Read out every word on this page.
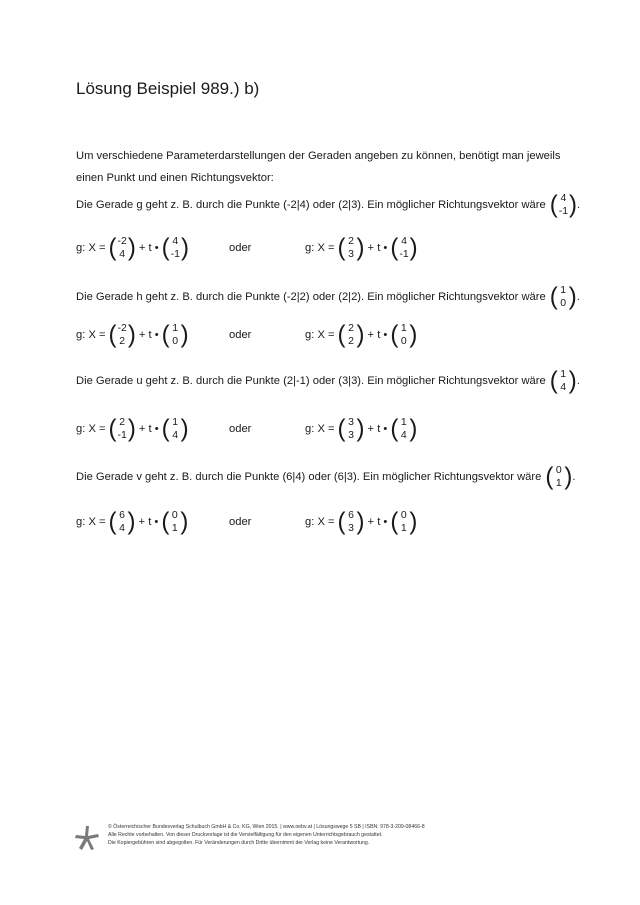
Lösung Beispiel 989.) b)
Um verschiedene Parameterdarstellungen der Geraden angeben zu können, benötigt man jeweils
einen Punkt und einen Richtungsvektor:
Die Gerade g geht z. B. durch die Punkte (-2|4) oder (2|3). Ein möglicher Richtungsvektor wäre ( 4
-1 ) .
g: X = ( -2
4 ) + t • ( 4
-1 )	oder	g: X = ( 2
3 ) + t • ( 4
-1 )
Die Gerade h geht z. B. durch die Punkte (-2|2) oder (2|2). Ein möglicher Richtungsvektor wäre ( 1
0 ) .
g: X = ( -2
2 ) + t • ( 1
0 )	oder	g: X = ( 2
2 ) + t • ( 1
0 )
Die Gerade u geht z. B. durch die Punkte (2|-1) oder (3|3). Ein möglicher Richtungsvektor wäre ( 1
4 ) .
g: X = ( 2
-1 ) + t • ( 1
4 )	oder	g: X = ( 3
3 ) + t • ( 1
4 )
Die Gerade v geht z. B. durch die Punkte (6|4) oder (6|3). Ein möglicher Richtungsvektor wäre ( 0
1 ) .
g: X = ( 6
4 ) + t • ( 0
1 )	oder	g: X = ( 6
3 ) + t • ( 0
1 )
© Österreichischer Bundesverlag Schulbuch GmbH & Co. KG, Wien 2015. | www.oebv.at | Lösungswege 5 SB | ISBN: 978-3-209-08466-8
Alle Rechte vorbehalten. Von dieser Druckvorlage ist die Vervielfältigung für den eigenen Unterrichtsgebrauch gestattet.
Die Kopiergebühren sind abgegolten. Für Veränderungen durch Dritte übernimmt der Verlag keine Verantwortung.
